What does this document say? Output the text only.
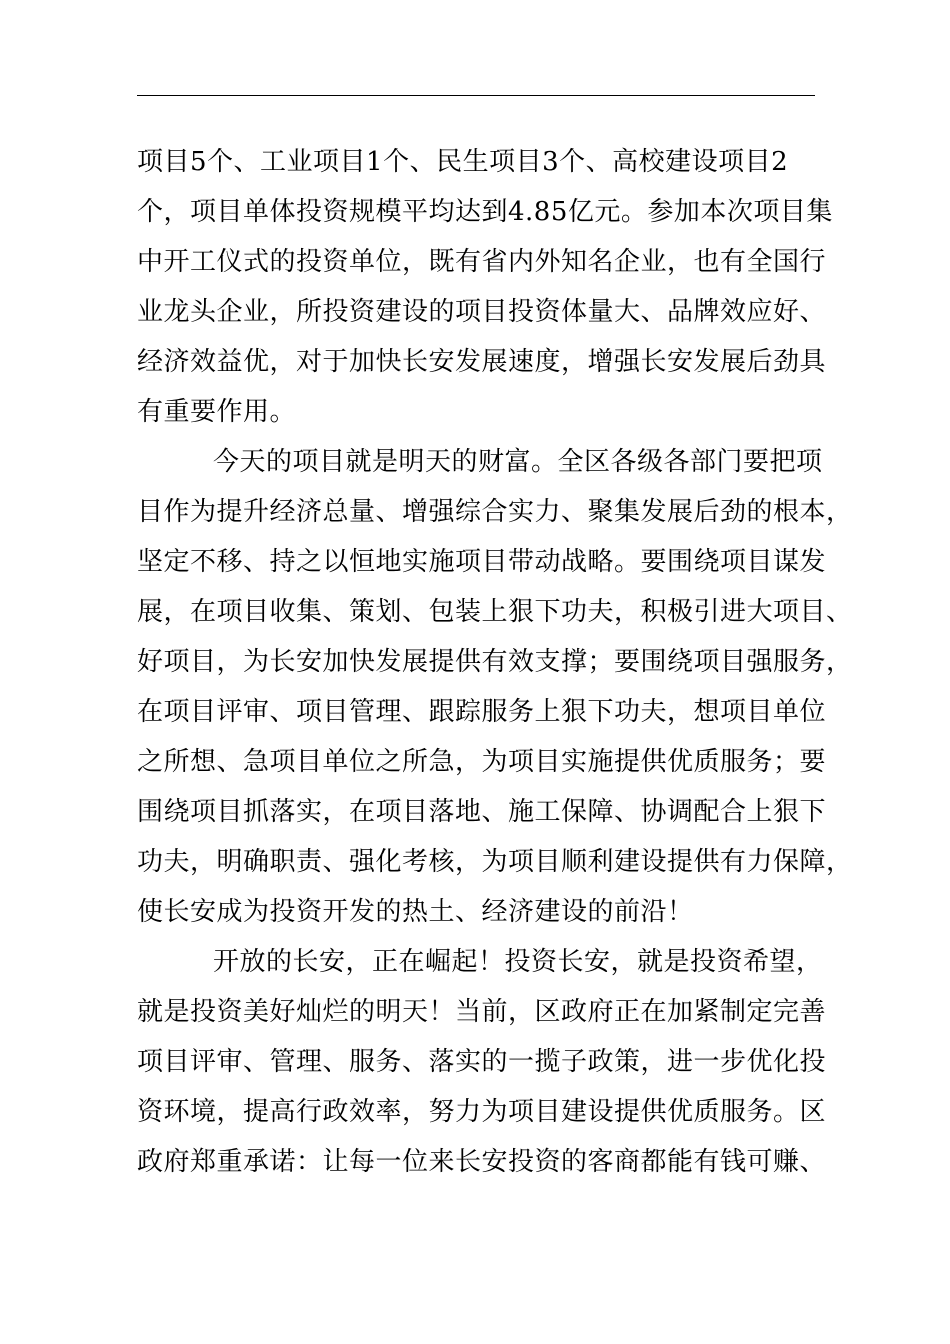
项目5个、工业项目1个、民生项目3个、高校建设项目2
个，项目单体投资规模平均达到4.85亿元。参加本次项目集
中开工仪式的投资单位，既有省内外知名企业，也有全国行
业龙头企业，所投资建设的项目投资体量大、品牌效应好、
经济效益优，对于加快长安发展速度，增强长安发展后劲具
有重要作用。
今天的项目就是明天的财富。全区各级各部门要把项
目作为提升经济总量、增强综合实力、聚集发展后劲的根本，
坚定不移、持之以恒地实施项目带动战略。要围绕项目谋发
展，在项目收集、策划、包装上狠下功夫，积极引进大项目、
好项目，为长安加快发展提供有效支撑；要围绕项目强服务，
在项目评审、项目管理、跟踪服务上狠下功夫，想项目单位
之所想、急项目单位之所急，为项目实施提供优质服务；要
围绕项目抓落实，在项目落地、施工保障、协调配合上狠下
功夫，明确职责、强化考核，为项目顺利建设提供有力保障，
使长安成为投资开发的热土、经济建设的前沿！
开放的长安，正在崛起！投资长安，就是投资希望，
就是投资美好灿烂的明天！当前，区政府正在加紧制定完善
项目评审、管理、服务、落实的一揽子政策，进一步优化投
资环境，提高行政效率，努力为项目建设提供优质服务。区
政府郑重承诺：让每一位来长安投资的客商都能有钱可赚、
